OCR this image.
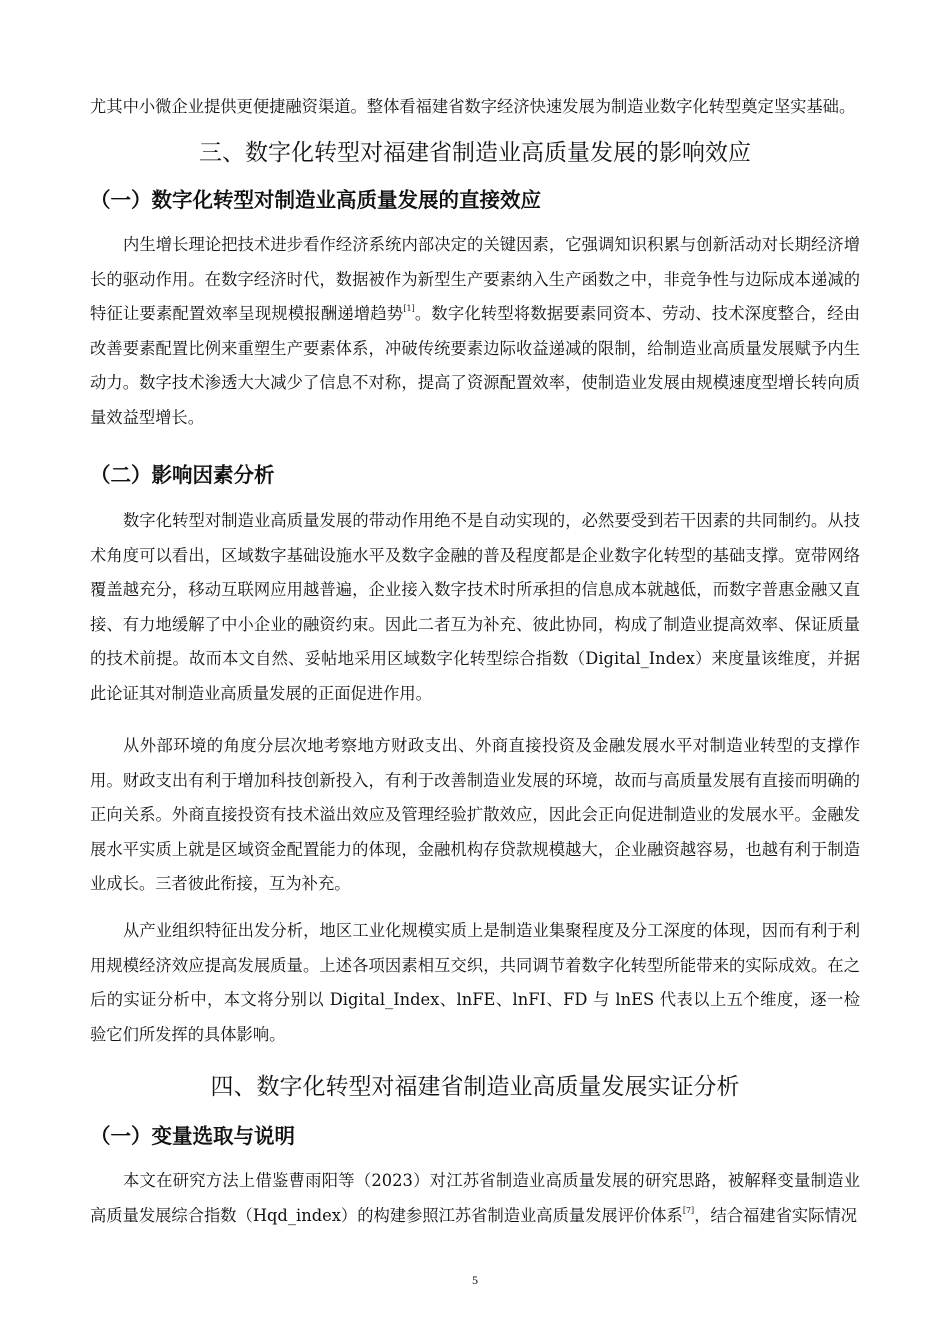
尤其中小微企业提供更便捷融资渠道。整体看福建省数字经济快速发展为制造业数字化转型奠定坚实基础。

三、数字化转型对福建省制造业高质量发展的影响效应
（一）数字化转型对制造业高质量发展的直接效应

内生增长理论把技术进步看作经济系统内部决定的关键因素，它强调知识积累与创新活动对长期经济增长的驱动作用。在数字经济时代，数据被作为新型生产要素纳入生产函数之中，非竞争性与边际成本递减的特征让要素配置效率呈现规模报酬递增趋势[1]。数字化转型将数据要素同资本、劳动、技术深度整合，经由改善要素配置比例来重塑生产要素体系，冲破传统要素边际收益递减的限制，给制造业高质量发展赋予内生动力。数字技术渗透大大减少了信息不对称，提高了资源配置效率，使制造业发展由规模速度型增长转向质量效益型增长。

（二）影响因素分析

数字化转型对制造业高质量发展的带动作用绝不是自动实现的，必然要受到若干因素的共同制约。从技术角度可以看出，区域数字基础设施水平及数字金融的普及程度都是企业数字化转型的基础支撑。宽带网络覆盖越充分，移动互联网应用越普遍，企业接入数字技术时所承担的信息成本就越低，而数字普惠金融又直接、有力地缓解了中小企业的融资约束。因此二者互为补充、彼此协同，构成了制造业提高效率、保证质量的技术前提。故而本文自然、妥帖地采用区域数字化转型综合指数（Digital_Index）来度量该维度，并据此论证其对制造业高质量发展的正面促进作用。

从外部环境的角度分层次地考察地方财政支出、外商直接投资及金融发展水平对制造业转型的支撑作用。财政支出有利于增加科技创新投入，有利于改善制造业发展的环境，故而与高质量发展有直接而明确的正向关系。外商直接投资有技术溢出效应及管理经验扩散效应，因此会正向促进制造业的发展水平。金融发展水平实质上就是区域资金配置能力的体现，金融机构存贷款规模越大，企业融资越容易，也越有利于制造业成长。三者彼此衔接，互为补充。

从产业组织特征出发分析，地区工业化规模实质上是制造业集聚程度及分工深度的体现，因而有利于利用规模经济效应提高发展质量。上述各项因素相互交织，共同调节着数字化转型所能带来的实际成效。在之后的实证分析中，本文将分别以 Digital_Index、lnFE、lnFI、FD 与 lnES 代表以上五个维度，逐一检验它们所发挥的具体影响。

四、数字化转型对福建省制造业高质量发展实证分析
（一）变量选取与说明

本文在研究方法上借鉴曹雨阳等（2023）对江苏省制造业高质量发展的研究思路，被解释变量制造业高质量发展综合指数（Hqd_index）的构建参照江苏省制造业高质量发展评价体系[7]，结合福建省实际情况

5
